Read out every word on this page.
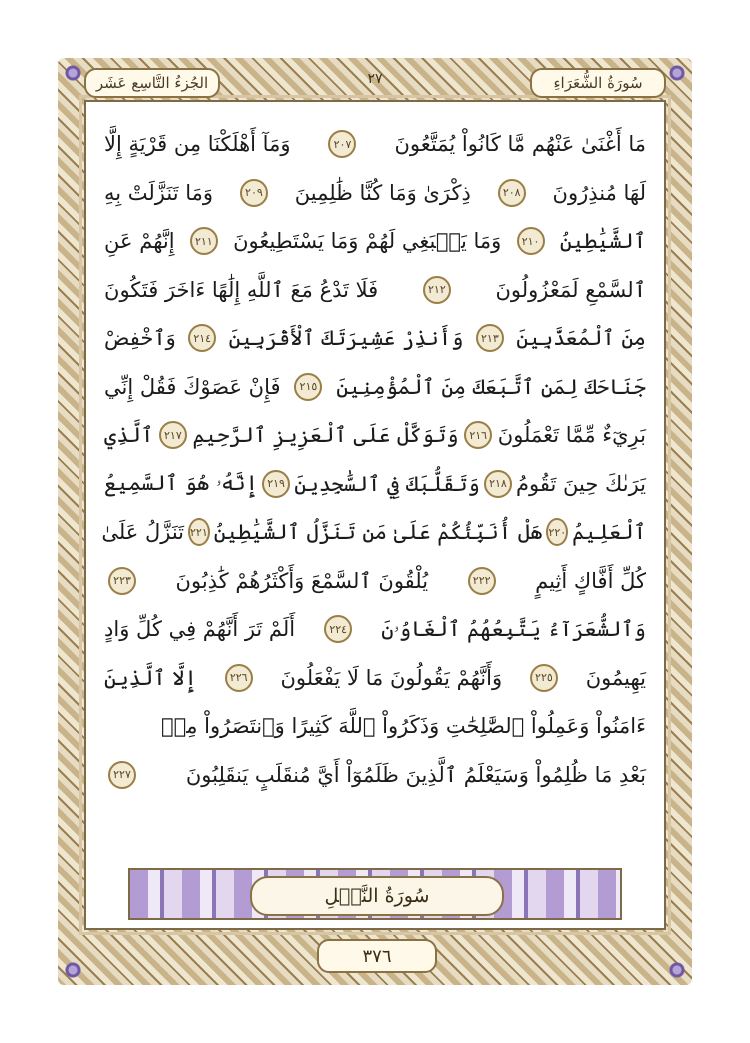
الجُزءُ التَّاسِع عَشَر	٢٧	سُورَةُ الشُّعَرَاءِ
مَا أَغْنَىٰ عَنْهُم مَّا كَانُواْ يُمَتَّعُونَ
٢٠٧
وَمَآ أَهْلَكْنَا مِن قَرْيَةٍ إِلَّا
لَهَا مُنذِرُونَ
٢٠٨
ذِكْرَىٰ وَمَا كُنَّا ظَٰلِمِينَ
٢٠٩
وَمَا تَنَزَّلَتْ بِهِ
ٱلشَّيَٰطِينُ
٢١٠
وَمَا يَنۢبَغِي لَهُمْ وَمَا يَسْتَطِيعُونَ
٢١١
إِنَّهُمْ عَنِ
ٱلسَّمْعِ لَمَعْزُولُونَ
٢١٢
فَلَا تَدْعُ مَعَ ٱللَّهِ إِلَٰهًا ءَاخَرَ فَتَكُونَ
مِنَ ٱلْمُعَذَّبِينَ
٢١٣
وَأَنذِرْ عَشِيرَتَكَ ٱلْأَقْرَبِينَ
٢١٤
وَٱخْفِضْ
جَنَاحَكَ لِمَنِ ٱتَّبَعَكَ مِنَ ٱلْمُؤْمِنِينَ
٢١٥
فَإِنْ عَصَوْكَ فَقُلْ إِنِّي
بَرِيٓءٌ مِّمَّا تَعْمَلُونَ
٢١٦
وَتَوَكَّلْ عَلَى ٱلْعَزِيزِ ٱلرَّحِيمِ
٢١٧
ٱلَّذِي
يَرَىٰكَ حِينَ تَقُومُ
٢١٨
وَتَقَلُّبَكَ فِي ٱلسَّٰجِدِينَ
٢١٩
إِنَّهُۥ هُوَ ٱلسَّمِيعُ
ٱلْعَلِيمُ
٢٢٠
هَلْ أُنَبِّئُكُمْ عَلَىٰ مَن تَنَزَّلُ ٱلشَّيَٰطِينُ
٢٢١
تَنَزَّلُ عَلَىٰ
كُلِّ أَفَّاكٍ أَثِيمٍ
٢٢٢
يُلْقُونَ ٱلسَّمْعَ وَأَكْثَرُهُمْ كَٰذِبُونَ
٢٢٣
وَٱلشُّعَرَآءُ يَتَّبِعُهُمُ ٱلْغَاوُۥنَ
٢٢٤
أَلَمْ تَرَ أَنَّهُمْ فِي كُلِّ وَادٍ
يَهِيمُونَ
٢٢٥
وَأَنَّهُمْ يَقُولُونَ مَا لَا يَفْعَلُونَ
٢٢٦
إِلَّا ٱلَّذِينَ
ءَامَنُواْ وَعَمِلُواْ ٱلصَّٰلِحَٰتِ وَذَكَرُواْ ٱللَّهَ كَثِيرًا وَٱنتَصَرُواْ مِنۢ
بَعْدِ مَا ظُلِمُواْ وَسَيَعْلَمُ ٱلَّذِينَ ظَلَمُوٓاْ أَيَّ مُنقَلَبٍ يَنقَلِبُونَ
٢٢٧
سُورَةُ النَّمۡلِ
٣٧٦
